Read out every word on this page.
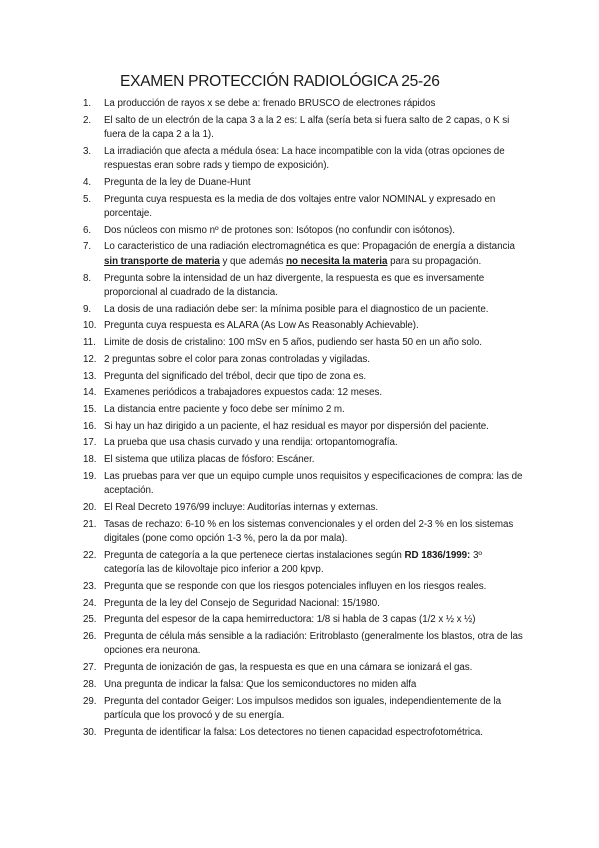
EXAMEN PROTECCIÓN RADIOLÓGICA 25-26
1. La producción de rayos x se debe a: frenado BRUSCO de electrones rápidos
2. El salto de un electrón de la capa 3 a la 2 es: L alfa (sería beta si fuera salto de 2 capas, o K si fuera de la capa 2 a la 1).
3. La irradiación que afecta a médula ósea: La hace incompatible con la vida (otras opciones de respuestas eran sobre rads y tiempo de exposición).
4. Pregunta de la ley de Duane-Hunt
5. Pregunta cuya respuesta es la media de dos voltajes entre valor NOMINAL y expresado en porcentaje.
6. Dos núcleos con mismo nº de protones son: Isótopos (no confundir con isótonos).
7. Lo caracteristico de una radiación electromagnética es que: Propagación de energía a distancia sin transporte de materia y que además no necesita la materia para su propagación.
8. Pregunta sobre la intensidad de un haz divergente, la respuesta es que es inversamente proporcional al cuadrado de la distancia.
9. La dosis de una radiación debe ser: la mínima posible para el diagnostico de un paciente.
10. Pregunta cuya respuesta es ALARA (As Low As Reasonably Achievable).
11. Limite de dosis de cristalino: 100 mSv en 5 años, pudiendo ser hasta 50 en un año solo.
12. 2 preguntas sobre el color para zonas controladas y vigiladas.
13. Pregunta del significado del trébol, decir que tipo de zona es.
14. Examenes periódicos a trabajadores expuestos cada: 12 meses.
15. La distancia entre paciente y foco debe ser mínimo 2 m.
16. Si hay un haz dirigido a un paciente, el haz residual es mayor por dispersión del paciente.
17. La prueba que usa chasis curvado y una rendija: ortopantomografía.
18. El sistema que utiliza placas de fósforo: Escáner.
19. Las pruebas para ver que un equipo cumple unos requisitos y especificaciones de compra: las de aceptación.
20. El Real Decreto 1976/99 incluye: Auditorías internas y externas.
21. Tasas de rechazo: 6-10 % en los sistemas convencionales y el orden del 2-3 % en los sistemas digitales (pone como opción 1-3 %, pero la da por mala).
22. Pregunta de categoría a la que pertenece ciertas instalaciones según RD 1836/1999: 3º categoría las de kilovoltaje pico inferior a 200 kpvp.
23. Pregunta que se responde con que los riesgos potenciales influyen en los riesgos reales.
24. Pregunta de la ley del Consejo de Seguridad Nacional: 15/1980.
25. Pregunta del espesor de la capa hemirreductora: 1/8 si habla de 3 capas (1/2 x ½ x ½)
26. Pregunta de célula más sensible a la radiación: Eritroblasto (generalmente los blastos, otra de las opciones era neurona.
27. Pregunta de ionización de gas, la respuesta es que en una cámara se ionizará el gas.
28. Una pregunta de indicar la falsa: Que los semiconductores no miden alfa
29. Pregunta del contador Geiger: Los impulsos medidos son iguales, independientemente de la partícula que los provocó y de su energía.
30. Pregunta de identificar la falsa: Los detectores no tienen capacidad espectrofotométrica.
